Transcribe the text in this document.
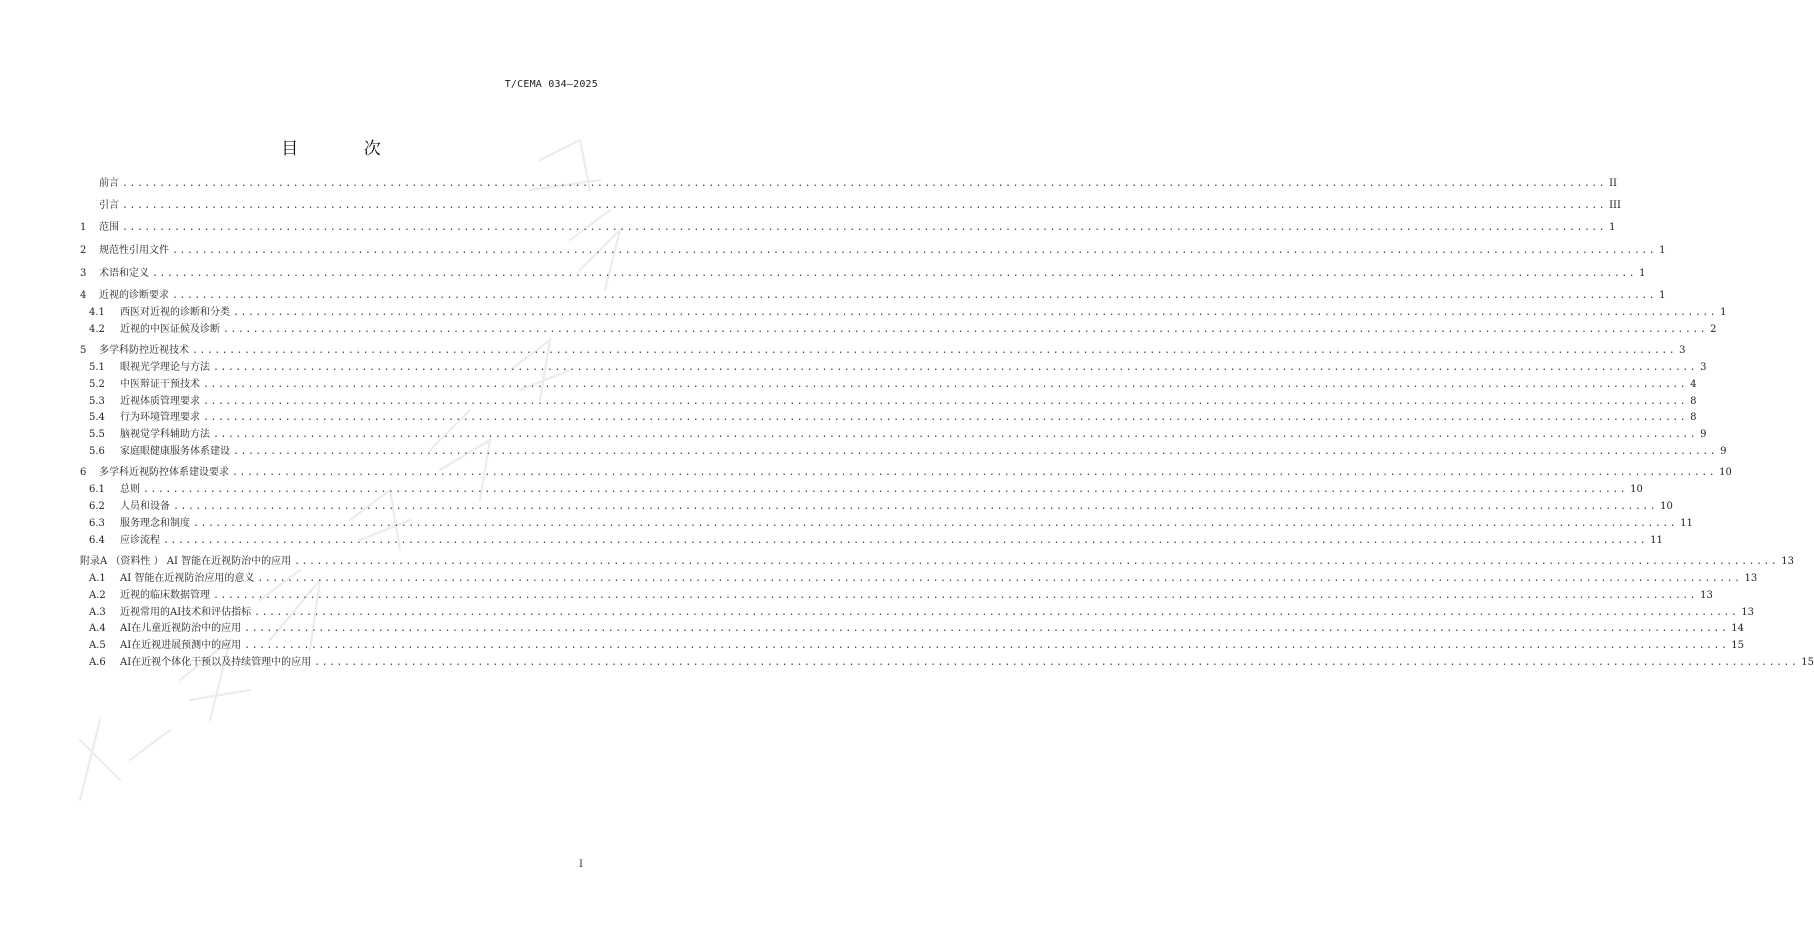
T/CEMA 034—2025
目 次
前言 ........................................................................................................................................................................................................ II
引言 ........................................................................................................................................................................................................ III
1	范围 ........................................................................................................................................................................................................ 1
2	规范性引用文件 ........................................................................................................................................................................................................ 1
3	术语和定义 ........................................................................................................................................................................................................ 1
4	近视的诊断要求 ........................................................................................................................................................................................................ 1
4.1	西医对近视的诊断和分类 ........................................................................................................................................................................................................ 1
4.2	近视的中医证候及诊断 ........................................................................................................................................................................................................ 2
5	多学科防控近视技术 ........................................................................................................................................................................................................ 3
5.1	眼视光学理论与方法 ........................................................................................................................................................................................................ 3
5.2	中医辩证干预技术 ........................................................................................................................................................................................................ 4
5.3	近视体质管理要求 ........................................................................................................................................................................................................ 8
5.4	行为环境管理要求 ........................................................................................................................................................................................................ 8
5.5	脑视觉学科辅助方法 ........................................................................................................................................................................................................ 9
5.6	家庭眼健康服务体系建设 ........................................................................................................................................................................................................ 9
6	多学科近视防控体系建设要求 ........................................................................................................................................................................................................ 10
6.1	总则 ........................................................................................................................................................................................................ 10
6.2	人员和设备 ........................................................................................................................................................................................................ 10
6.3	服务理念和制度 ........................................................................................................................................................................................................ 11
6.4	应诊流程 ........................................................................................................................................................................................................ 11
附录A （资料性 ） AI 智能在近视防治中的应用 ........................................................................................................................................................................................................ 13
A.1	AI 智能在近视防治应用的意义 ........................................................................................................................................................................................................ 13
A.2	近视的临床数据管理 ........................................................................................................................................................................................................ 13
A.3	近视常用的AI技术和评估指标 ........................................................................................................................................................................................................ 13
A.4	AI在儿童近视防治中的应用 ........................................................................................................................................................................................................ 14
A.5	AI在近视进展预测中的应用 ........................................................................................................................................................................................................ 15
A.6	AI在近视个体化干预以及持续管理中的应用 ........................................................................................................................................................................................................ 15
I
